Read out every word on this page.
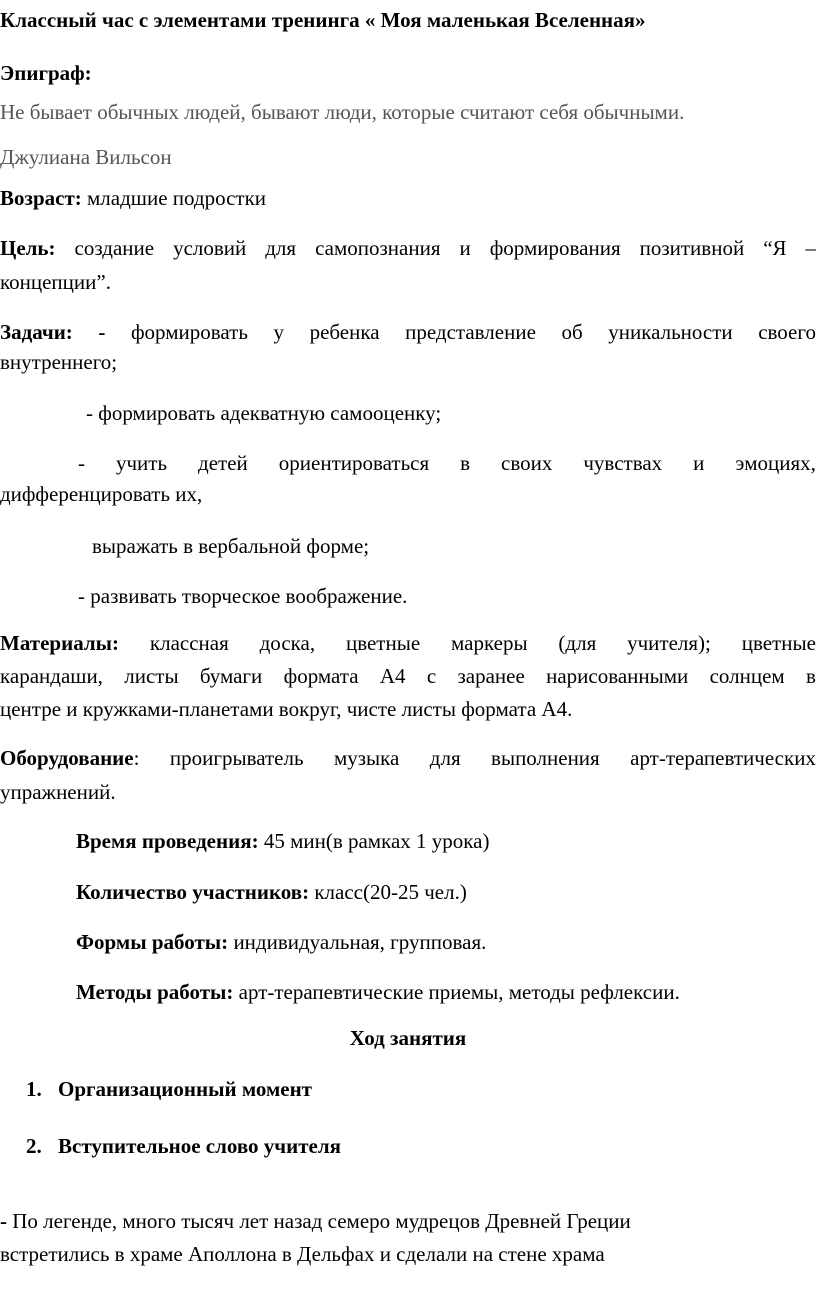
Классный час с элементами тренинга « Моя маленькая Вселенная»
Эпиграф:
Не бывает обычных людей, бывают люди, которые считают себя обычными.
Джулиана Вильсон
Возраст: младшие подростки
Цель: создание условий для самопознания и формирования позитивной “Я –
концепции”.
Задачи: - формировать у ребенка представление об уникальности своего
внутреннего;
- формировать адекватную самооценку;
- учить детей ориентироваться в своих чувствах и эмоциях,
дифференцировать их,
выражать в вербальной форме;
- развивать творческое воображение.
Материалы: классная доска, цветные маркеры (для учителя); цветные
карандаши, листы бумаги формата А4 с заранее нарисованными солнцем в
центре и кружками-планетами вокруг, чисте листы формата А4.
Оборудование: проигрыватель музыка для выполнения арт-терапевтических
упражнений.
Время проведения: 45 мин(в рамках 1 урока)
Количество участников: класс(20-25 чел.)
Формы работы: индивидуальная, групповая.
Методы работы: арт-терапевтические приемы, методы рефлексии.
Ход занятия
1. Организационный момент
2. Вступительное слово учителя
- По легенде, много тысяч лет назад семеро мудрецов Древней Греции
встретились в храме Аполлона в Дельфах и сделали на стене храма
